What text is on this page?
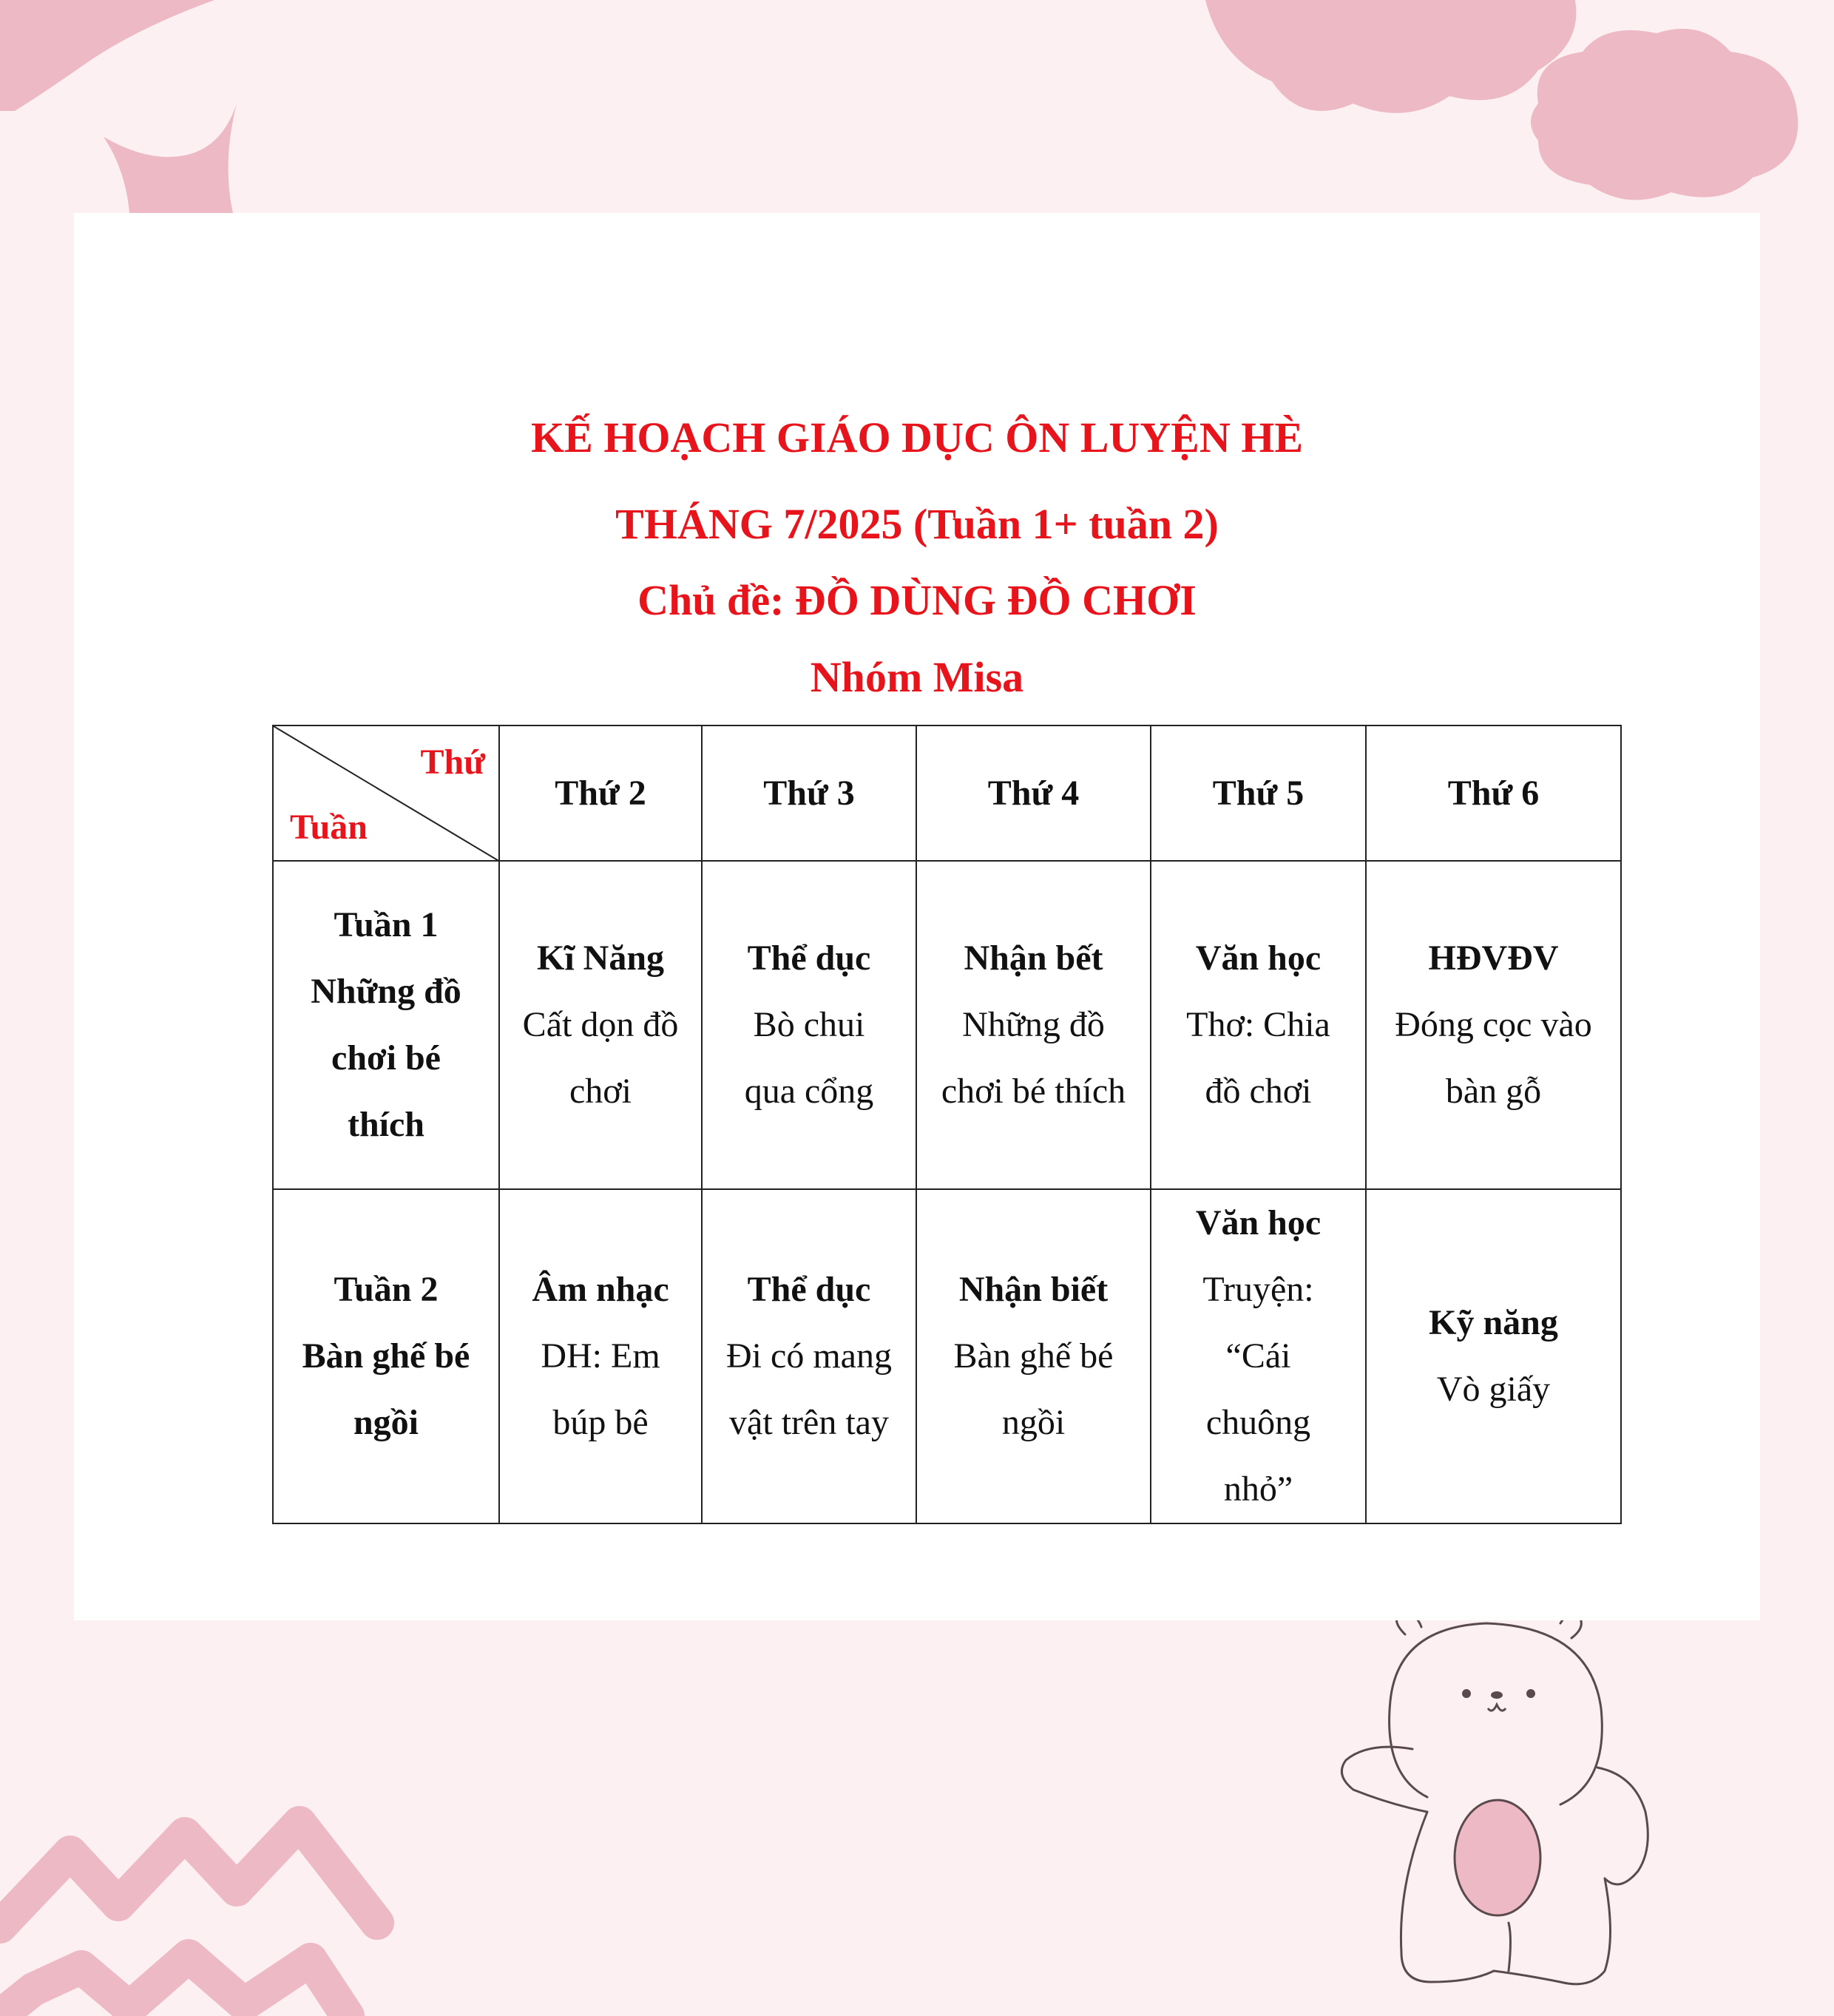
KẾ HOẠCH GIÁO DỤC ÔN LUYỆN HÈ
THÁNG 7/2025 (Tuần 1+ tuần 2)
Chủ đề: ĐỒ DÙNG ĐỒ CHƠI
Nhóm Misa
Thứ
Tuần	Thứ 2	Thứ 3	Thứ 4	Thứ 5	Thứ 6

Tuần 1
Những đồ
chơi bé
thích	Kĩ Năng
Cất dọn đồ
chơi	Thể dục
Bò chui
qua cổng	Nhận bết
Những đồ
chơi bé thích	Văn học
Thơ: Chia
đồ chơi	HĐVĐV
Đóng cọc vào
bàn gỗ

Tuần 2
Bàn ghế bé
ngồi	Âm nhạc
DH: Em
búp bê	Thể dục
Đi có mang
vật trên tay	Nhận biết
Bàn ghế bé
ngồi	Văn học
Truyện:
“Cái
chuông
nhỏ”	Kỹ năng
Vò giấy
